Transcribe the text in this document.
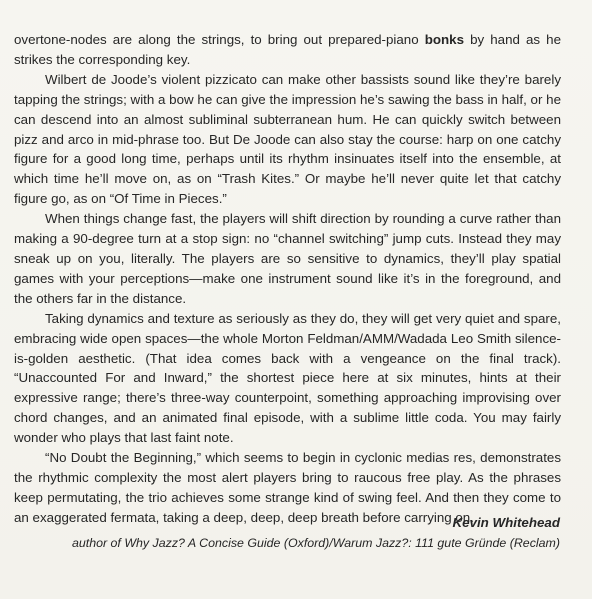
overtone-nodes are along the strings, to bring out prepared-piano bonks by hand as he strikes the corresponding key.

Wilbert de Joode’s violent pizzicato can make other bassists sound like they’re barely tapping the strings; with a bow he can give the impression he’s sawing the bass in half, or he can descend into an almost subliminal subterranean hum. He can quickly switch between pizz and arco in mid-phrase too. But De Joode can also stay the course: harp on one catchy figure for a good long time, perhaps until its rhythm insinuates itself into the ensemble, at which time he’ll move on, as on “Trash Kites.” Or maybe he’ll never quite let that catchy figure go, as on “Of Time in Pieces.”

When things change fast, the players will shift direction by rounding a curve rather than making a 90-degree turn at a stop sign: no “channel switching” jump cuts. Instead they may sneak up on you, literally. The players are so sensitive to dynamics, they’ll play spatial games with your perceptions—make one instrument sound like it’s in the foreground, and the others far in the distance.

Taking dynamics and texture as seriously as they do, they will get very quiet and spare, embracing wide open spaces—the whole Morton Feldman/AMM/Wadada Leo Smith silence-is-golden aesthetic. (That idea comes back with a vengeance on the final track). “Unaccounted For and Inward,” the shortest piece here at six minutes, hints at their expressive range; there’s three-way counterpoint, something approaching improvising over chord changes, and an animated final episode, with a sublime little coda. You may fairly wonder who plays that last faint note.

“No Doubt the Beginning,” which seems to begin in cyclonic medias res, demonstrates the rhythmic complexity the most alert players bring to raucous free play. As the phrases keep permutating, the trio achieves some strange kind of swing feel. And then they come to an exaggerated fermata, taking a deep, deep, deep breath before carrying on.

Kevin Whitehead
author of Why Jazz? A Concise Guide (Oxford)/Warum Jazz?: 111 gute Gründe (Reclam)
